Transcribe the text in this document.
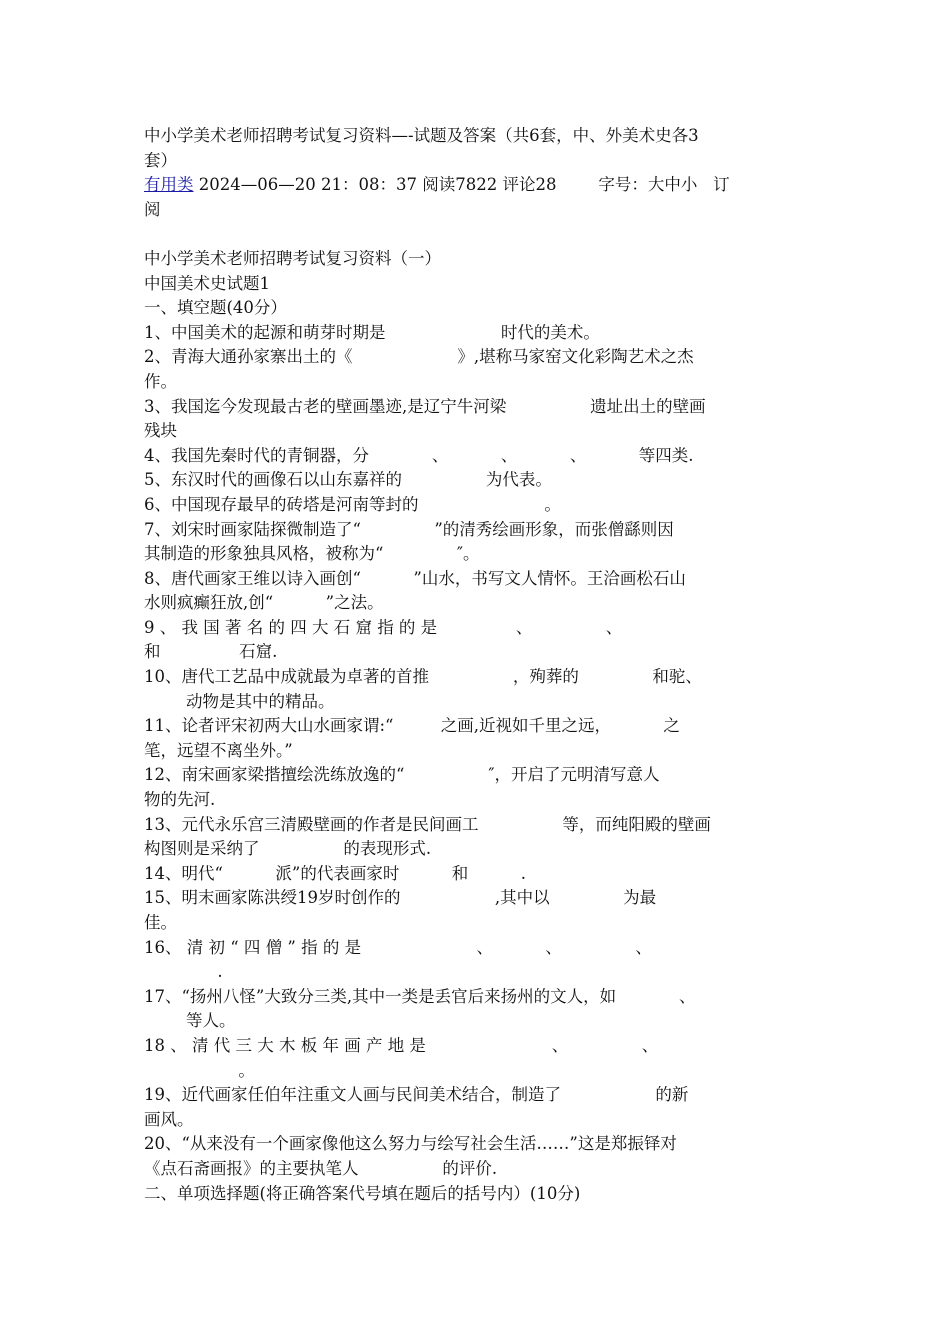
中小学美术老师招聘考试复习资料—-试题及答案（共6套，中、外美术史各3

套）

有用类 2024—06—20 21：08：37 阅读7822 评论28        字号：大中小   订

阅

中小学美术老师招聘考试复习资料（一）

中国美术史试题1

一、填空题(40分）

1、中国美术的起源和萌芽时期是                      时代的美术。

2、青海大通孙家寨出土的《                    》,堪称马家窑文化彩陶艺术之杰

作。

3、我国迄今发现最古老的壁画墨迹,是辽宁牛河梁                遗址出土的壁画

残块

4、我国先秦时代的青铜器，分            、          、          、          等四类.

5、东汉时代的画像石以山东嘉祥的                为代表。

6、中国现存最早的砖塔是河南等封的                        。

7、刘宋时画家陆探微制造了“              ”的清秀绘画形象，而张僧繇则因

其制造的形象独具风格，被称为“              ″。

8、唐代画家王维以诗入画创“          ”山水，书写文人情怀。王洽画松石山

水则疯癫狂放,创“          ”之法。

9 、 我 国 著 名 的 四 大 石 窟 指 的 是               、              、

和               石窟.

10、唐代工艺品中成就最为卓著的首推                ，殉葬的              和驼、

动物是其中的精品。

11、论者评宋初两大山水画家谓:“         之画,近视如千里之远，          之

笔，远望不离坐外。”

12、南宋画家梁揩擅绘洗练放逸的“                ″，开启了元明清写意人

物的先河.

13、元代永乐宫三清殿壁画的作者是民间画工                等，而纯阳殿的壁画

构图则是采纳了                的表现形式.

14、明代“          派”的代表画家时          和          .

15、明末画家陈洪绶19岁时创作的                  ,其中以              为最

佳。

16、 清 初 “ 四 僧 ” 指 的 是                      、          、              、

.

17、“扬州八怪”大致分三类,其中一类是丢官后来扬州的文人，如            、

等人。

18 、 清 代 三 大 木 板 年 画 产 地 是                        、              、

。

19、近代画家任伯年注重文人画与民间美术结合，制造了                  的新

画风。

20、“从来没有一个画家像他这么努力与绘写社会生活……”这是郑振铎对

《点石斋画报》的主要执笔人                的评价.

二、单项选择题(将正确答案代号填在题后的括号内）(10分)
